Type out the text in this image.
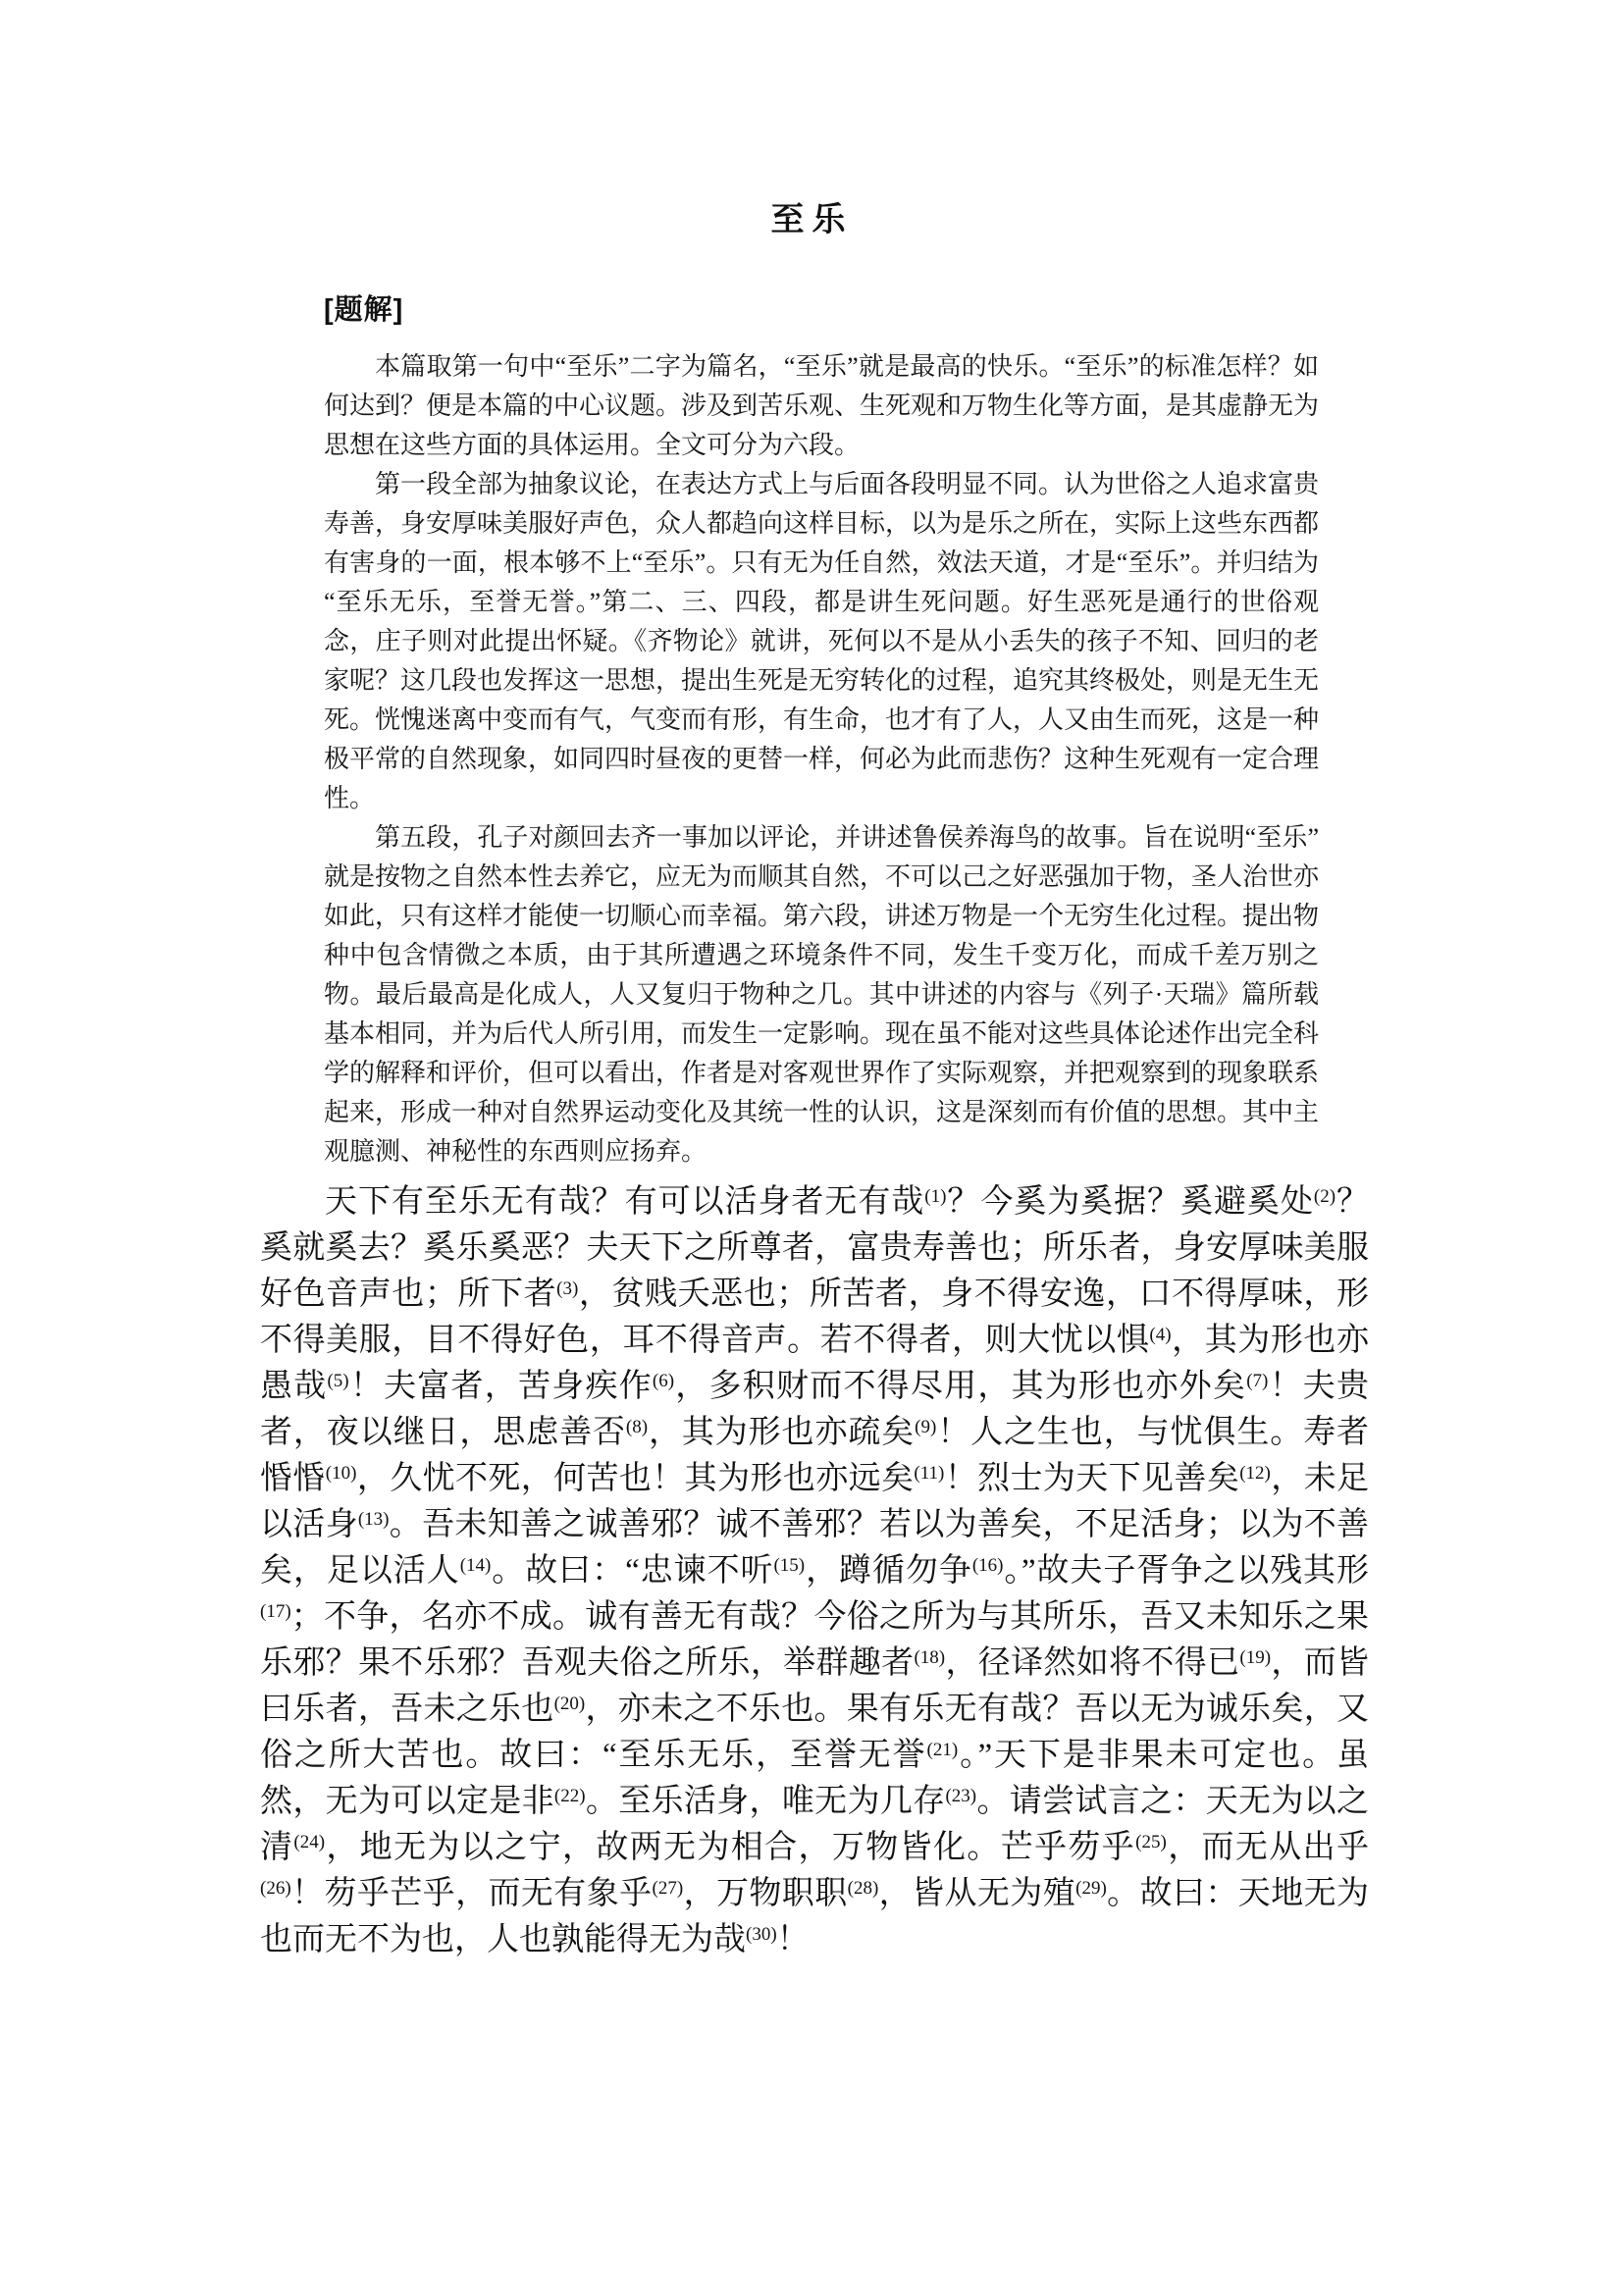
至乐
[题解]

本篇取第一句中“至乐”二字为篇名，“至乐”就是最高的快乐。“至乐”的标准怎样？如何达到？便是本篇的中心议题。涉及到苦乐观、生死观和万物生化等方面，是其虚静无为思想在这些方面的具体运用。全文可分为六段。

第一段全部为抽象议论，在表达方式上与后面各段明显不同。认为世俗之人追求富贵寿善，身安厚味美服好声色，众人都趋向这样目标，以为是乐之所在，实际上这些东西都有害身的一面，根本够不上“至乐”。只有无为任自然，效法天道，才是“至乐”。并归结为“至乐无乐，至誉无誉。”第二、三、四段，都是讲生死问题。好生恶死是通行的世俗观念，庄子则对此提出怀疑。《齐物论》就讲，死何以不是从小丢失的孩子不知、回归的老家呢？这几段也发挥这一思想，提出生死是无穷转化的过程，追究其终极处，则是无生无死。恍愧迷离中变而有气，气变而有形，有生命，也才有了人，人又由生而死，这是一种极平常的自然现象，如同四时昼夜的更替一样，何必为此而悲伤？这种生死观有一定合理性。

第五段，孔子对颜回去齐一事加以评论，并讲述鲁侯养海鸟的故事。旨在说明“至乐”就是按物之自然本性去养它，应无为而顺其自然，不可以己之好恶强加于物，圣人治世亦如此，只有这样才能使一切顺心而幸福。第六段，讲述万物是一个无穷生化过程。提出物种中包含情微之本质，由于其所遭遇之环境条件不同，发生千变万化，而成千差万别之物。最后最高是化成人，人又复归于物种之几。其中讲述的内容与《列子·天瑞》篇所载基本相同，并为后代人所引用，而发生一定影响。现在虽不能对这些具体论述作出完全科学的解释和评价，但可以看出，作者是对客观世界作了实际观察，并把观察到的现象联系起来，形成一种对自然界运动变化及其统一性的认识，这是深刻而有价值的思想。其中主观臆测、神秘性的东西则应扬弃。

天下有至乐无有哉？有可以活身者无有哉$^{(1)}$？今奚为奚据？奚避奚处$^{(2)}$？奚就奚去？奚乐奚恶？夫天下之所尊者，富贵寿善也；所乐者，身安厚味美服好色音声也；所下者$^{(3)}$，贫贱夭恶也；所苦者，身不得安逸，口不得厚味，形不得美服，目不得好色，耳不得音声。若不得者，则大忧以惧$^{(4)}$，其为形也亦愚哉$^{(5)}$！夫富者，苦身疾作$^{(6)}$，多积财而不得尽用，其为形也亦外矣$^{(7)}$！夫贵者，夜以继日，思虑善否$^{(8)}$，其为形也亦疏矣$^{(9)}$！人之生也，与忧俱生。寿者惛惛$^{(10)}$，久忧不死，何苦也！其为形也亦远矣$^{(11)}$！烈士为天下见善矣$^{(12)}$，未足以活身$^{(13)}$。吾未知善之诚善邪？诚不善邪？若以为善矣，不足活身；以为不善矣，足以活人$^{(14)}$。故曰：“忠谏不听$^{(15)}$，蹲循勿争$^{(16)}$。”故夫子胥争之以残其形$^{(17)}$；不争，名亦不成。诚有善无有哉？今俗之所为与其所乐，吾又未知乐之果乐邪？果不乐邪？吾观夫俗之所乐，举群趣者$^{(18)}$，径译然如将不得已$^{(19)}$，而皆曰乐者，吾未之乐也$^{(20)}$，亦未之不乐也。果有乐无有哉？吾以无为诚乐矣，又俗之所大苦也。故曰：“至乐无乐，至誉无誉$^{(21)}$。”天下是非果未可定也。虽然，无为可以定是非$^{(22)}$。至乐活身，唯无为几存$^{(23)}$。请尝试言之：天无为以之清$^{(24)}$，地无为以之宁，故两无为相合，万物皆化。芒乎芴乎$^{(25)}$，而无从出乎$^{(26)}$！芴乎芒乎，而无有象乎$^{(27)}$，万物职职$^{(28)}$，皆从无为殖$^{(29)}$。故曰：天地无为也而无不为也，人也孰能得无为哉$^{(30)}$！
